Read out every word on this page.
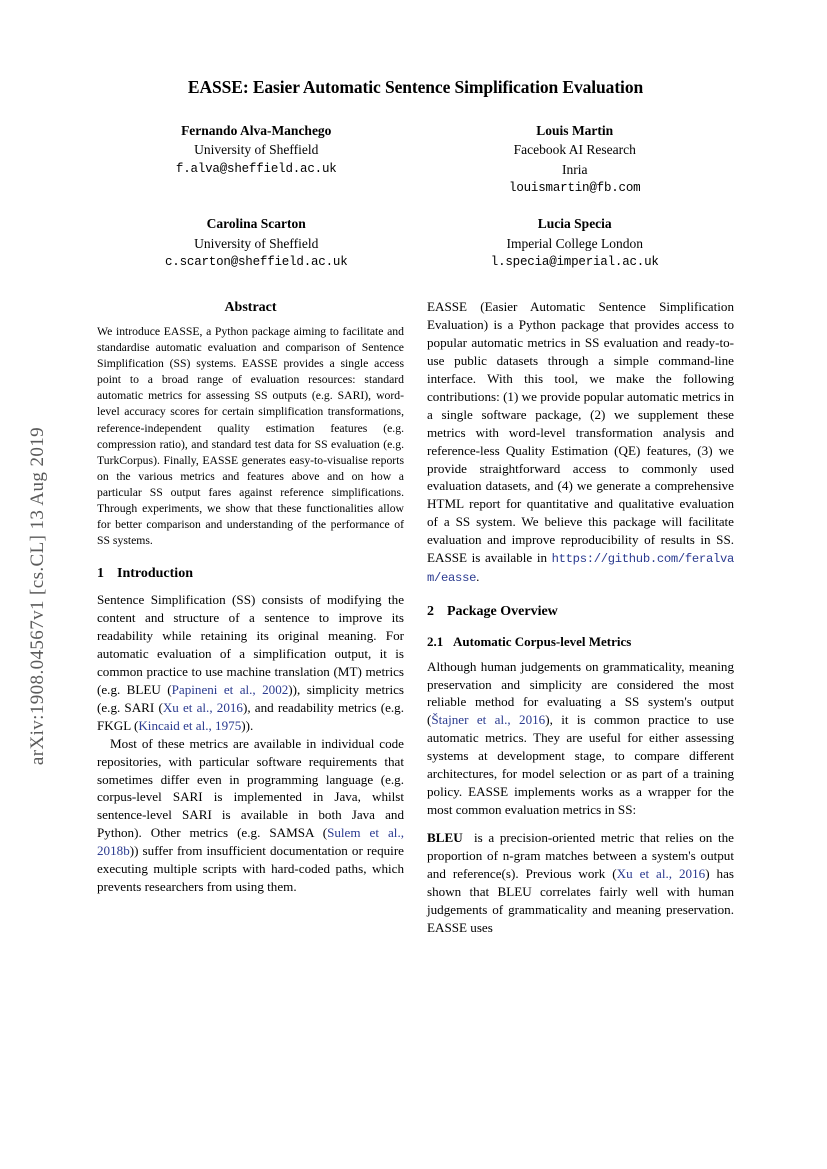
arXiv:1908.04567v1 [cs.CL] 13 Aug 2019
EASSE: Easier Automatic Sentence Simplification Evaluation
Fernando Alva-Manchego
University of Sheffield
f.alva@sheffield.ac.uk
Louis Martin
Facebook AI Research
Inria
louismartin@fb.com
Carolina Scarton
University of Sheffield
c.scarton@sheffield.ac.uk
Lucia Specia
Imperial College London
l.specia@imperial.ac.uk
Abstract
We introduce EASSE, a Python package aiming to facilitate and standardise automatic evaluation and comparison of Sentence Simplification (SS) systems. EASSE provides a single access point to a broad range of evaluation resources: standard automatic metrics for assessing SS outputs (e.g. SARI), word-level accuracy scores for certain simplification transformations, reference-independent quality estimation features (e.g. compression ratio), and standard test data for SS evaluation (e.g. TurkCorpus). Finally, EASSE generates easy-to-visualise reports on the various metrics and features above and on how a particular SS output fares against reference simplifications. Through experiments, we show that these functionalities allow for better comparison and understanding of the performance of SS systems.
1 Introduction

Sentence Simplification (SS) consists of modifying the content and structure of a sentence to improve its readability while retaining its original meaning. For automatic evaluation of a simplification output, it is common practice to use machine translation (MT) metrics (e.g. BLEU (Papineni et al., 2002)), simplicity metrics (e.g. SARI (Xu et al., 2016), and readability metrics (e.g. FKGL (Kincaid et al., 1975)).

Most of these metrics are available in individual code repositories, with particular software requirements that sometimes differ even in programming language (e.g. corpus-level SARI is implemented in Java, whilst sentence-level SARI is available in both Java and Python). Other metrics (e.g. SAMSA (Sulem et al., 2018b)) suffer from insufficient documentation or require executing multiple scripts with hard-coded paths, which prevents researchers from using them.

EASSE (Easier Automatic Sentence Simplification Evaluation) is a Python package that provides access to popular automatic metrics in SS evaluation and ready-to-use public datasets through a simple command-line interface. With this tool, we make the following contributions: (1) we provide popular automatic metrics in a single software package, (2) we supplement these metrics with word-level transformation analysis and reference-less Quality Estimation (QE) features, (3) we provide straightforward access to commonly used evaluation datasets, and (4) we generate a comprehensive HTML report for quantitative and qualitative evaluation of a SS system. We believe this package will facilitate evaluation and improve reproducibility of results in SS. EASSE is available in https://github.com/feralvam/easse.

2 Package Overview
2.1 Automatic Corpus-level Metrics

Although human judgements on grammaticality, meaning preservation and simplicity are considered the most reliable method for evaluating a SS system's output (Štajner et al., 2016), it is common practice to use automatic metrics. They are useful for either assessing systems at development stage, to compare different architectures, for model selection or as part of a training policy. EASSE implements works as a wrapper for the most common evaluation metrics in SS:

BLEU is a precision-oriented metric that relies on the proportion of n-gram matches between a system's output and reference(s). Previous work (Xu et al., 2016) has shown that BLEU correlates fairly well with human judgements of grammaticality and meaning preservation. EASSE uses
